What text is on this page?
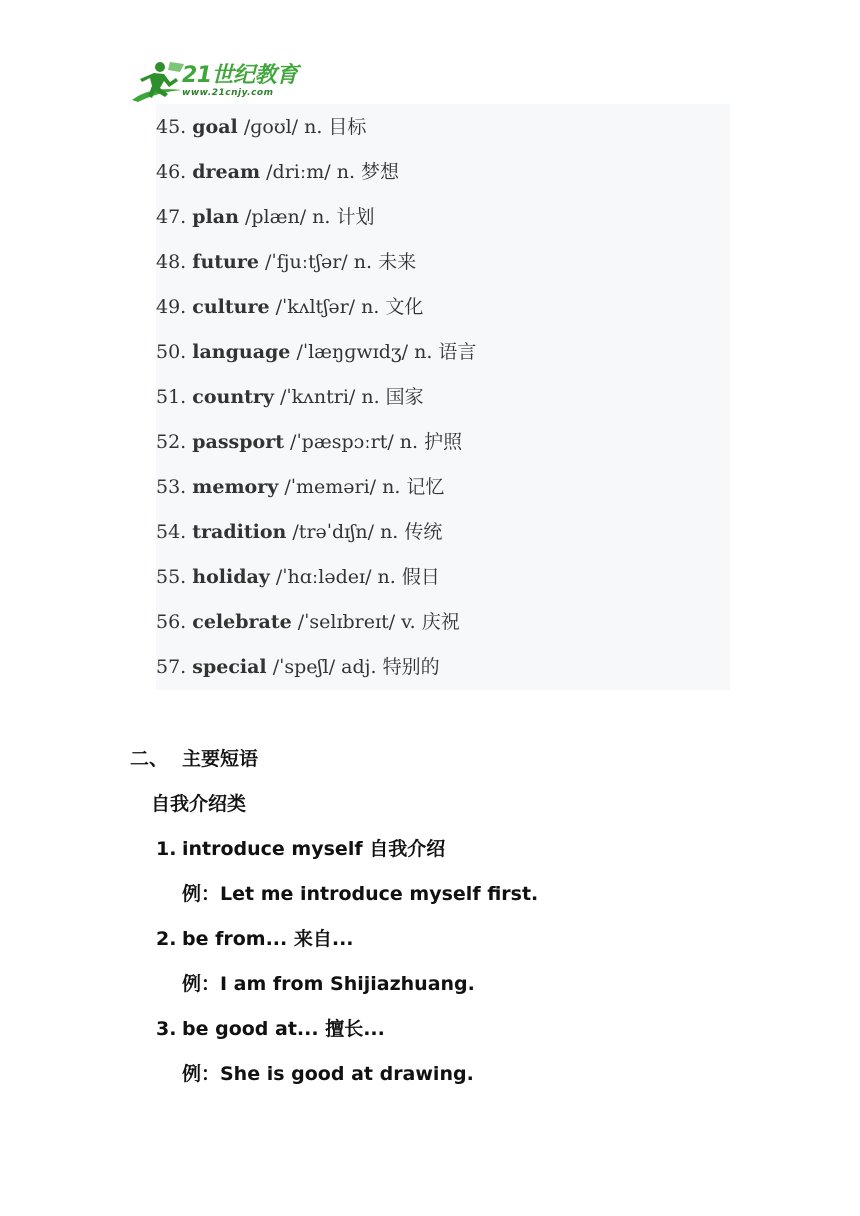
21世纪教育
www.21cnjy.com
45. goal /ɡoʊl/ n. 目标
46. dream /driːm/ n. 梦想
47. plan /plæn/ n. 计划
48. future /ˈfjuːtʃər/ n. 未来
49. culture /ˈkʌltʃər/ n. 文化
50. language /ˈlæŋɡwɪdʒ/ n. 语言
51. country /ˈkʌntri/ n. 国家
52. passport /ˈpæspɔːrt/ n. 护照
53. memory /ˈmeməri/ n. 记忆
54. tradition /trəˈdɪʃn/ n. 传统
55. holiday /ˈhɑːlədeɪ/ n. 假日
56. celebrate /ˈselɪbreɪt/ v. 庆祝
57. special /ˈspeʃl/ adj. 特别的
二、 主要短语
自我介绍类
1. introduce myself 自我介绍
例：Let me introduce myself first.
2. be from... 来自...
例：I am from Shijiazhuang.
3. be good at... 擅长...
例：She is good at drawing.
